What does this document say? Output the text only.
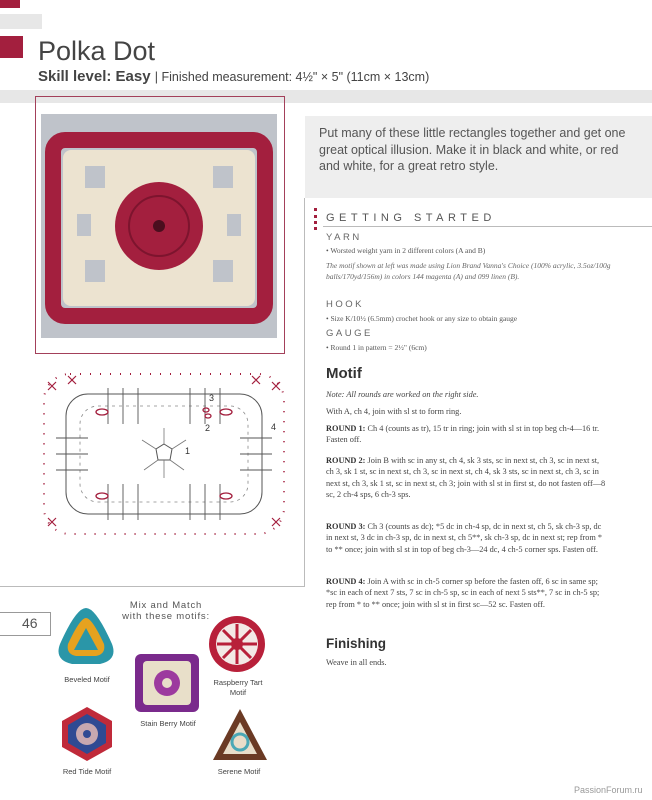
Polka Dot
Skill level: Easy | Finished measurement: 4½" × 5" (11cm × 13cm)

Put many of these little rectangles together and get one great optical illusion. Make it in black and white, or red and white, for a great retro style.

GETTING STARTED
YARN
• Worsted weight yarn in 2 different colors (A and B)
The motif shown at left was made using Lion Brand Vanna's Choice (100% acrylic, 3.5oz/100g balls/170yd/156m) in colors 144 magenta (A) and 099 linen (B).
HOOK
• Size K/10½ (6.5mm) crochet hook or any size to obtain gauge
GAUGE
• Round 1 in pattern = 2½" (6cm)
Motif
Note: All rounds are worked on the right side.
With A, ch 4, join with sl st to form ring.
ROUND 1: Ch 4 (counts as tr), 15 tr in ring; join with sl st in top beg ch-4—16 tr. Fasten off.
ROUND 2: Join B with sc in any st, ch 4, sk 3 sts, sc in next st, ch 3, sc in next st, ch 3, sk 1 st, sc in next st, ch 3, sc in next st, ch 4, sk 3 sts, sc in next st, ch 3, sc in next st, ch 3, sk 1 st, sc in next st, ch 3; join with sl st in first st, do not fasten off—8 sc, 2 ch-4 sps, 6 ch-3 sps.
ROUND 3: Ch 3 (counts as dc); *5 dc in ch-4 sp, dc in next st, ch 5, sk ch-3 sp, dc in next st, 3 dc in ch-3 sp, dc in next st, ch 5**, sk ch-3 sp, dc in next st; rep from * to ** once; join with sl st in top of beg ch-3—24 dc, 4 ch-5 corner sps. Fasten off.
ROUND 4: Join A with sc in ch-5 corner sp before the fasten off, 6 sc in same sp; *sc in each of next 7 sts, 7 sc in ch-5 sp, sc in each of next 5 sts**, 7 sc in ch-5 sp; rep from * to ** once; join with sl st in first sc—52 sc. Fasten off.
Finishing
Weave in all ends.
3
2
1
4
46
Mix and Match with these motifs:
Beveled Motif
Stain Berry Motif
Raspberry Tart Motif
Red Tide Motif	Serene Motif
PassionForum.ru
